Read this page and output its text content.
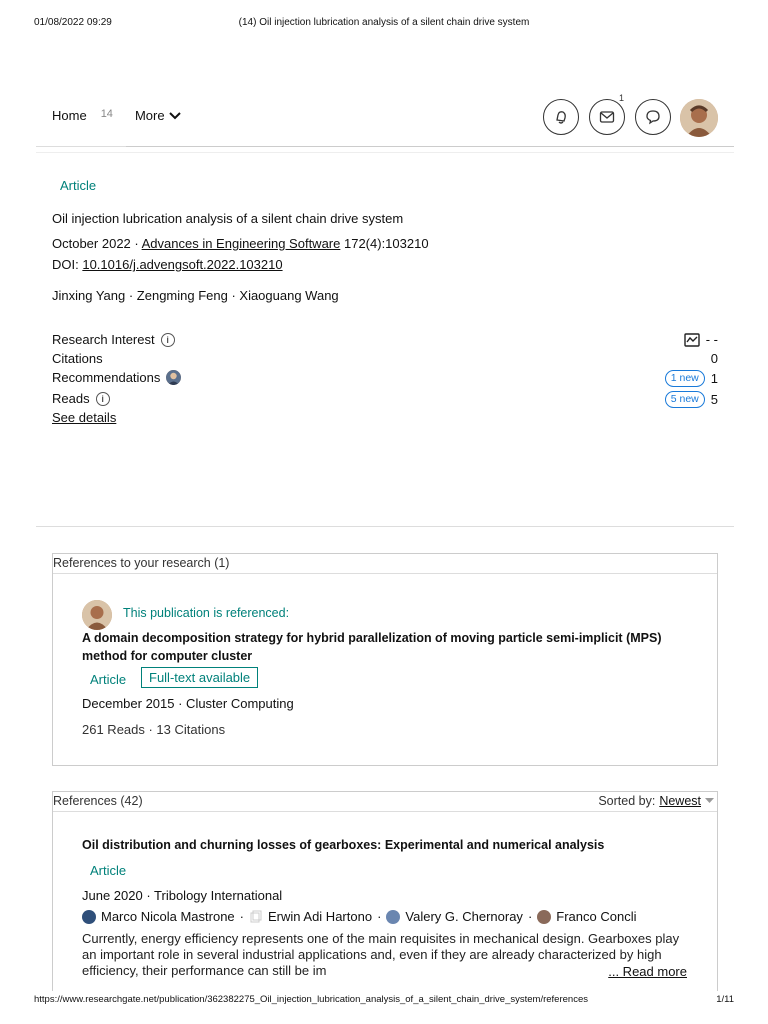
01/08/2022 09:29	(14) Oil injection lubrication analysis of a silent chain drive system
Home 14 More
1
Article
Oil injection lubrication analysis of a silent chain drive system
October 2022 · Advances in Engineering Software 172(4):103210
DOI: 10.1016/j.advengsoft.2022.103210
Jinxing Yang · Zengming Feng · Xiaoguang Wang
Research Interest	i	- -
Citations	0
Recommendations	1 new 1
Reads	i	5 new 5
See details
References to your research (1)
This publication is referenced:
A domain decomposition strategy for hybrid parallelization of moving particle semi-implicit (MPS) method for computer cluster
Article	Full-text available
December 2015 · Cluster Computing
261 Reads · 13 Citations
References (42)	Sorted by: Newest
Oil distribution and churning losses of gearboxes: Experimental and numerical analysis
Article
June 2020 · Tribology International
Marco Nicola Mastrone · Erwin Adi Hartono · Valery G. Chernoray · Franco Concli
Currently, energy efficiency represents one of the main requisites in mechanical design. Gearboxes play an important role in several industrial applications and, even if they are already characterized by high efficiency, their performance can still be im	... Read more
https://www.researchgate.net/publication/362382275_Oil_injection_lubrication_analysis_of_a_silent_chain_drive_system/references	1/11
